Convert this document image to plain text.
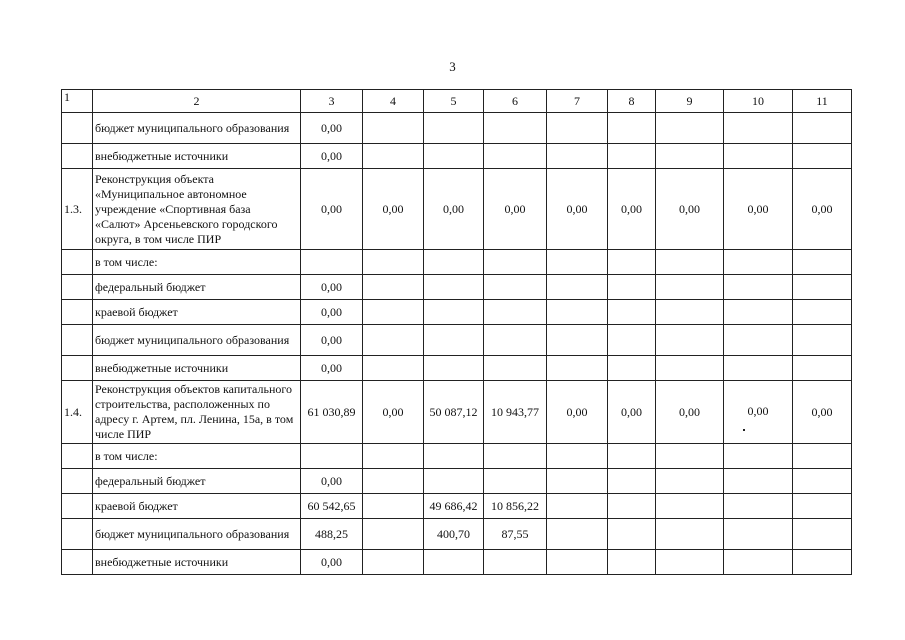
3
1	2	3	4	5	6	7	8	9	10	11
	бюджет муниципального образования	0,00								
	внебюджетные источники	0,00								
1.3.	Реконструкция объекта «Муниципальное автономное учреждение «Спортивная база «Салют» Арсеньевского городского округа, в том числе ПИР	0,00	0,00	0,00	0,00	0,00	0,00	0,00	0,00	0,00
	в том числе:									
	федеральный бюджет	0,00								
	краевой бюджет	0,00								
	бюджет муниципального образования	0,00								
	внебюджетные источники	0,00								
1.4.	Реконструкция объектов капитального строительства, расположенных по адресу г. Артем, пл. Ленина, 15а, в том числе ПИР	61 030,89	0,00	50 087,12	10 943,77	0,00	0,00	0,00	0,00	0,00
	в том числе:									
	федеральный бюджет	0,00								
	краевой бюджет	60 542,65		49 686,42	10 856,22					
	бюджет муниципального образования	488,25		400,70	87,55					
	внебюджетные источники	0,00								
